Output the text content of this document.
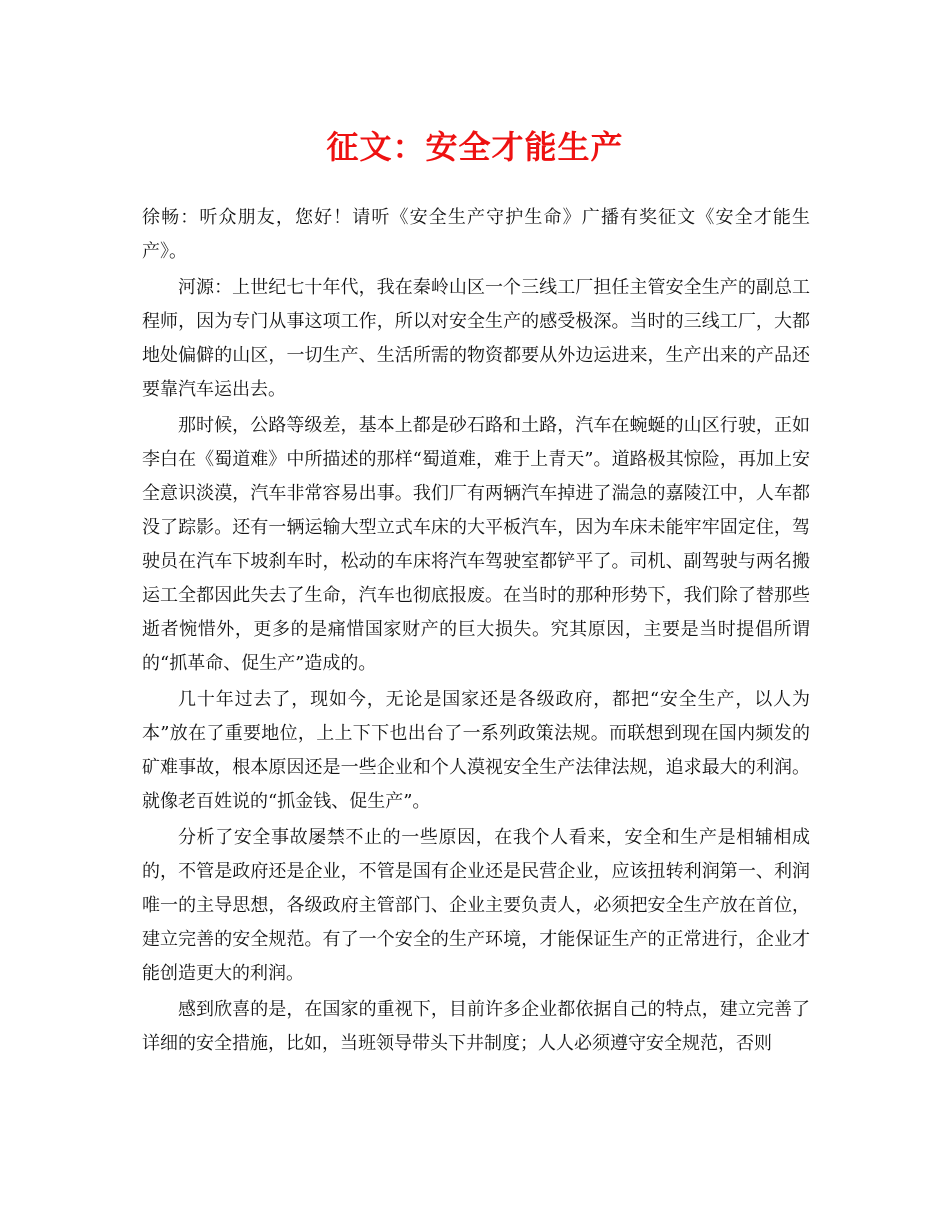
征文：安全才能生产

徐畅：听众朋友，您好！请听《安全生产守护生命》广播有奖征文《安全才能生产》。

河源：上世纪七十年代，我在秦岭山区一个三线工厂担任主管安全生产的副总工程师，因为专门从事这项工作，所以对安全生产的感受极深。当时的三线工厂，大都地处偏僻的山区，一切生产、生活所需的物资都要从外边运进来，生产出来的产品还要靠汽车运出去。

那时候，公路等级差，基本上都是砂石路和土路，汽车在蜿蜒的山区行驶，正如李白在《蜀道难》中所描述的那样“蜀道难，难于上青天”。道路极其惊险，再加上安全意识淡漠，汽车非常容易出事。我们厂有两辆汽车掉进了湍急的嘉陵江中，人车都没了踪影。还有一辆运输大型立式车床的大平板汽车，因为车床未能牢牢固定住，驾驶员在汽车下坡刹车时，松动的车床将汽车驾驶室都铲平了。司机、副驾驶与两名搬运工全都因此失去了生命，汽车也彻底报废。在当时的那种形势下，我们除了替那些逝者惋惜外，更多的是痛惜国家财产的巨大损失。究其原因，主要是当时提倡所谓的“抓革命、促生产”造成的。

几十年过去了，现如今，无论是国家还是各级政府，都把“安全生产，以人为本”放在了重要地位，上上下下也出台了一系列政策法规。而联想到现在国内频发的矿难事故，根本原因还是一些企业和个人漠视安全生产法律法规，追求最大的利润。就像老百姓说的“抓金钱、促生产”。

分析了安全事故屡禁不止的一些原因，在我个人看来，安全和生产是相辅相成的，不管是政府还是企业，不管是国有企业还是民营企业，应该扭转利润第一、利润唯一的主导思想，各级政府主管部门、企业主要负责人，必须把安全生产放在首位，建立完善的安全规范。有了一个安全的生产环境，才能保证生产的正常进行，企业才能创造更大的利润。

感到欣喜的是，在国家的重视下，目前许多企业都依据自己的特点，建立完善了详细的安全措施，比如，当班领导带头下井制度；人人必须遵守安全规范，否则
